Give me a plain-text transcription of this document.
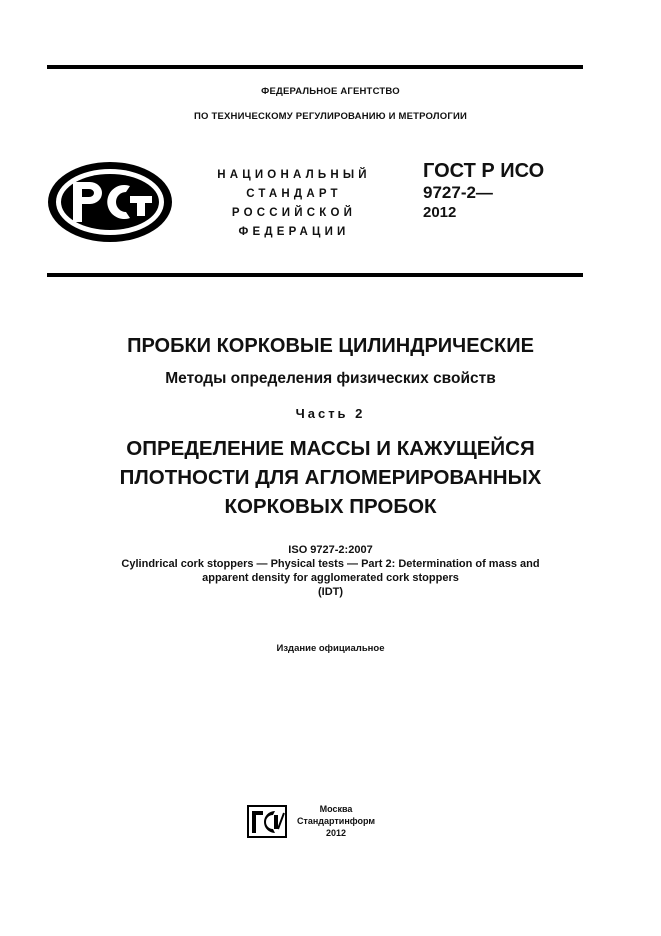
ФЕДЕРАЛЬНОЕ АГЕНТСТВО
ПО ТЕХНИЧЕСКОМУ РЕГУЛИРОВАНИЮ И МЕТРОЛОГИИ
НАЦИОНАЛЬНЫЙ
СТАНДАРТ
РОССИЙСКОЙ
ФЕДЕРАЦИИ
ГОСТ Р ИСО
9727-2—
2012
ПРОБКИ КОРКОВЫЕ ЦИЛИНДРИЧЕСКИЕ
Методы определения физических свойств
Часть 2
ОПРЕДЕЛЕНИЕ МАССЫ И КАЖУЩЕЙСЯ
ПЛОТНОСТИ ДЛЯ АГЛОМЕРИРОВАННЫХ
КОРКОВЫХ ПРОБОК
ISO 9727-2:2007
Cylindrical cork stoppers — Physical tests — Part 2: Determination of mass and
apparent density for agglomerated cork stoppers
(IDT)
Издание официальное
Москва
Стандартинформ
2012
